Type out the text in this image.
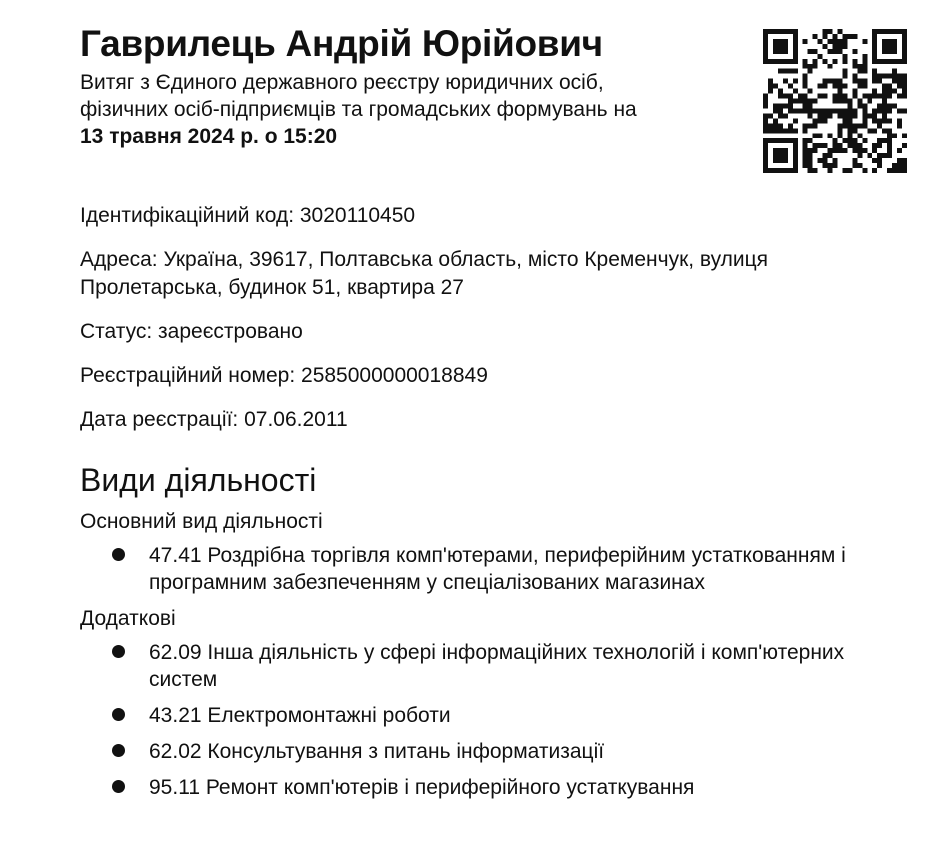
Гаврилець Андрій Юрійович

Витяг з Єдиного державного реєстру юридичних осіб, фізичних осіб-підприємців та громадських формувань на 13 травня 2024 р. о 15:20

Ідентифікаційний код: 3020110450

Адреса: Україна, 39617, Полтавська область, місто Кременчук, вулиця Пролетарська, будинок 51, квартира 27

Статус: зареєстровано

Реєстраційний номер: 2585000000018849

Дата реєстрації: 07.06.2011

Види діяльності

Основний вид діяльності

47.41 Роздрібна торгівля комп'ютерами, периферійним устаткованням і програмним забезпеченням у спеціалізованих магазинах

Додаткові

62.09 Інша діяльність у сфері інформаційних технологій і комп'ютерних систем
43.21 Електромонтажні роботи
62.02 Консультування з питань інформатизації
95.11 Ремонт комп'ютерів і периферійного устаткування
